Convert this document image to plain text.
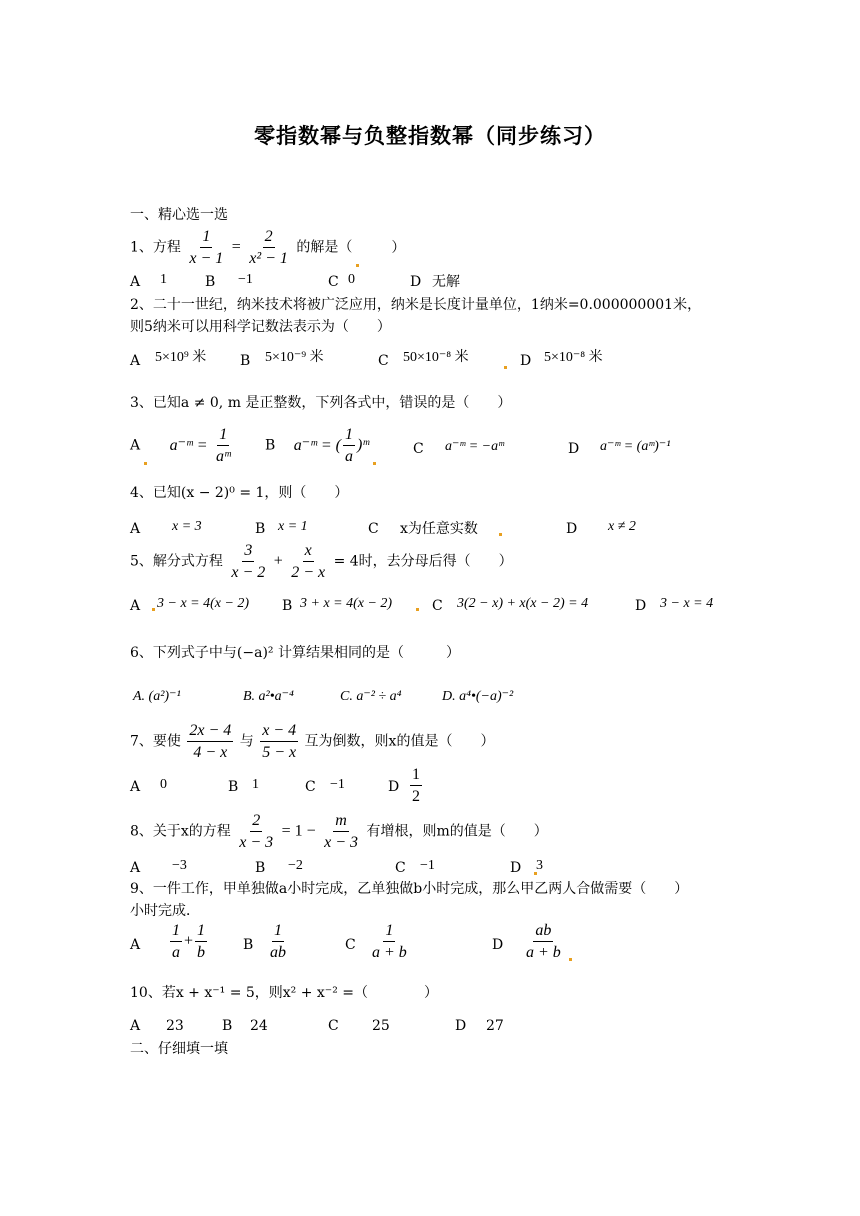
零指数幂与负整指数幂（同步练习）
一、精心选一选
1、方程 $\frac{1}{x - 1} = \frac{2}{\text{x² − 1}}$ 的解是（	）
A 1	B −1	C 0	D 无解
2、二十一世纪，纳米技术将被广泛应用，纳米是长度计量单位，1纳米=0.000000001米，
则5纳米可以用科学记数法表示为（　　）
A 5×10⁹ 米 B 5×10⁻⁹ 米	C 50×10⁻⁸ 米	D 5×10⁻⁸ 米
3、已知a ≠ 0, m 是正整数，下列各式中，错误的是（　　）
A a⁻ᵐ = $\frac{1}{\text{aᵐ}}$ B a⁻ᵐ = ( $\frac{1}{a}$ )ᵐ	C a⁻ᵐ = −aᵐ	D a⁻ᵐ = (aᵐ)⁻¹
4、已知(x − 2)⁰ = 1，则（　　）
A x = 3	B x = 1	C x为任意实数	D x ≠ 2
5、解分式方程 $\frac{3}{x - 2} + \frac{x}{2 - x} = 4$时，去分母后得（　　）
A 3 − x = 4(x − 2) B 3 + x = 4(x − 2)	C 3(2 − x) + x(x − 2) = 4	D 3 − x = 4
6、下列式子中与(−a)² 计算结果相同的是（　　　）
A. (a²)⁻¹	B. a²•a⁻⁴	C. a⁻² ÷ a⁴	D. a⁴•(−a)⁻²
7、要使 $\frac{2x - 4}{4 - x}$ 与 $\frac{x - 4}{5 - x}$ 互为倒数，则x的值是（　　）
A 0	B 1	C −1	D $\frac{1}{2}$
8、关于x的方程 $\frac{2}{x - 3} = 1 - \frac{m}{x - 3}$ 有增根，则m的值是（　　）
A −3	B −2	C −1	D 3
9、一件工作，甲单独做a小时完成，乙单独做b小时完成，那么甲乙两人合做需要（　　）
小时完成．
A $\frac{1}{a} + \frac{1}{b}$	B $\frac{1}{ab}$	C $\frac{1}{a + b}$	D $\frac{ab}{a + b}$
10、若x + x⁻¹ = 5，则x² + x⁻² =（　　　　）
A 23	B 24	C 25	D 27
二、仔细填一填
